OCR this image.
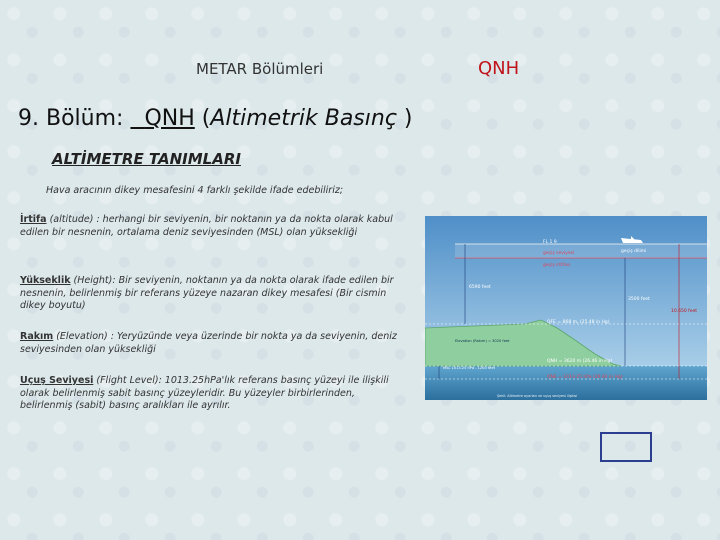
METAR Bölümleri	QNH
9. Bölüm:   QNH (Altimetrik Basınç )
ALTİMETRE TANIMLARI
Hava aracının dikey mesafesini 4 farklı şekilde ifade edebiliriz;
İrtifa (altitude) : herhangi bir seviyenin, bir noktanın ya da nokta olarak kabul edilen bir nesnenin, ortalama deniz seviyesinden (MSL) olan yüksekliği
Yükseklik (Height): Bir seviyenin, noktanın ya da nokta olarak ifade edilen bir nesnenin, belirlenmiş bir referans yüzeye nazaran dikey mesafesi (Bir cismin dikey boyutu)
Rakım (Elevation) : Yeryüzünde veya üzerinde bir nokta ya da seviyenin, deniz seviyesinden olan yüksekliği
Uçuş Seviyesi (Flight Level): 1013.25hPa'lık referans basınç yüzeyi ile ilişkili olarak belirlenmiş sabit basınç yüzeyleridir. Bu yüzeyler birbirlerinden, belirlenmiş (sabit) basınç aralıkları ile ayrılır.
FL 1 9
geçiş seviyesi
geçiş irtifası
geçiş dilimi
6590 feet
3500 feet
10.650 feet
QFE = 868 m, (25.48 in Hg)
QNH = 3620 m (26.46 in Hg)
QNE = 1013.25 hPa (29.92 in Hg)
Elevation (Rakım) = 3020 feet
MSL 1013.25 hPa - 1200 feet
Şekil: Altimetre ayarları ve uçuş seviyesi ilişkisi
